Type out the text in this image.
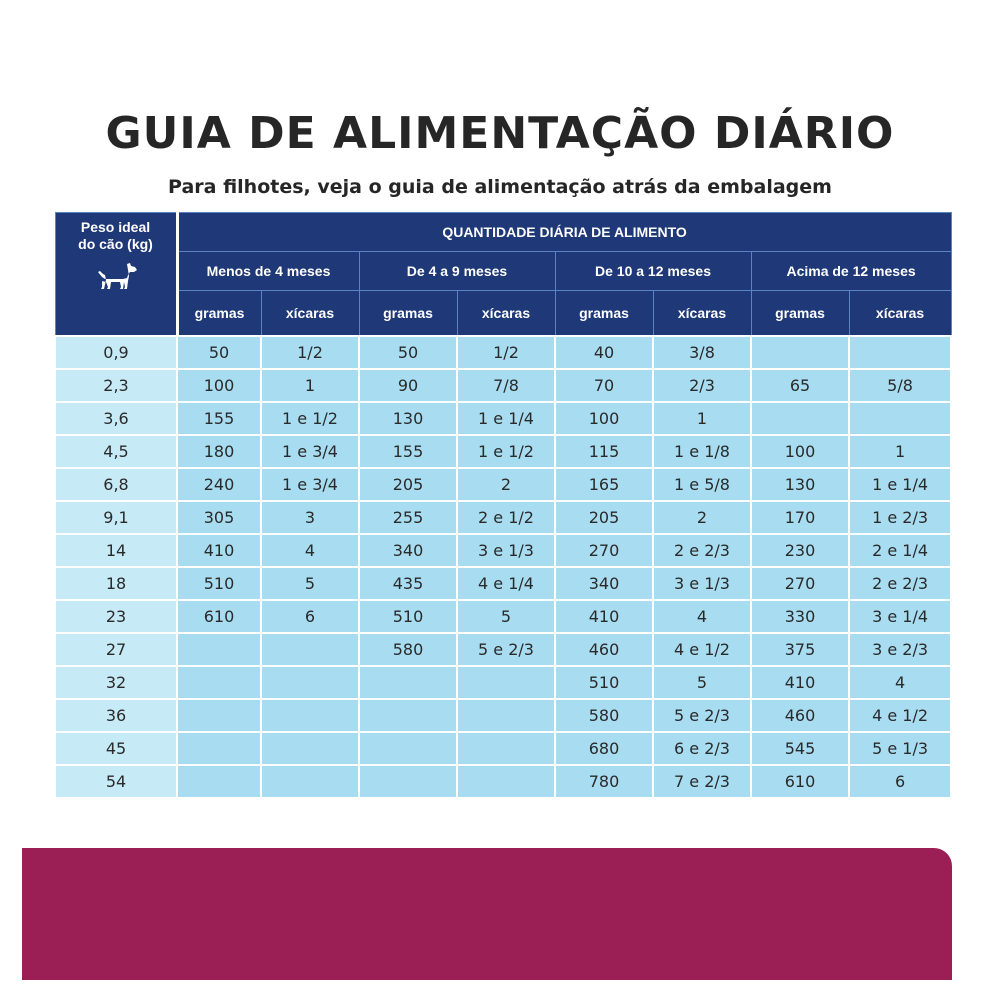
GUIA DE ALIMENTAÇÃO DIÁRIO
Para filhotes, veja o guia de alimentação atrás da embalagem
Peso ideal
do cão (kg)	QUANTIDADE DIÁRIA DE ALIMENTO							
	Menos de 4 meses		De 4 a 9 meses		De 10 a 12 meses		Acima de 12 meses	
	gramas	xícaras	gramas	xícaras	gramas	xícaras	gramas	xícaras
0,9	50	1/2	50	1/2	40	3/8		
2,3	100	1	90	7/8	70	2/3	65	5/8
3,6	155	1 e 1/2	130	1 e 1/4	100	1		
4,5	180	1 e 3/4	155	1 e 1/2	115	1 e 1/8	100	1
6,8	240	1 e 3/4	205	2	165	1 e 5/8	130	1 e 1/4
9,1	305	3	255	2 e 1/2	205	2	170	1 e 2/3
14	410	4	340	3 e 1/3	270	2 e 2/3	230	2 e 1/4
18	510	5	435	4 e 1/4	340	3 e 1/3	270	2 e 2/3
23	610	6	510	5	410	4	330	3 e 1/4
27			580	5 e 2/3	460	4 e 1/2	375	3 e 2/3
32					510	5	410	4
36					580	5 e 2/3	460	4 e 1/2
45					680	6 e 2/3	545	5 e 1/3
54					780	7 e 2/3	610	6
